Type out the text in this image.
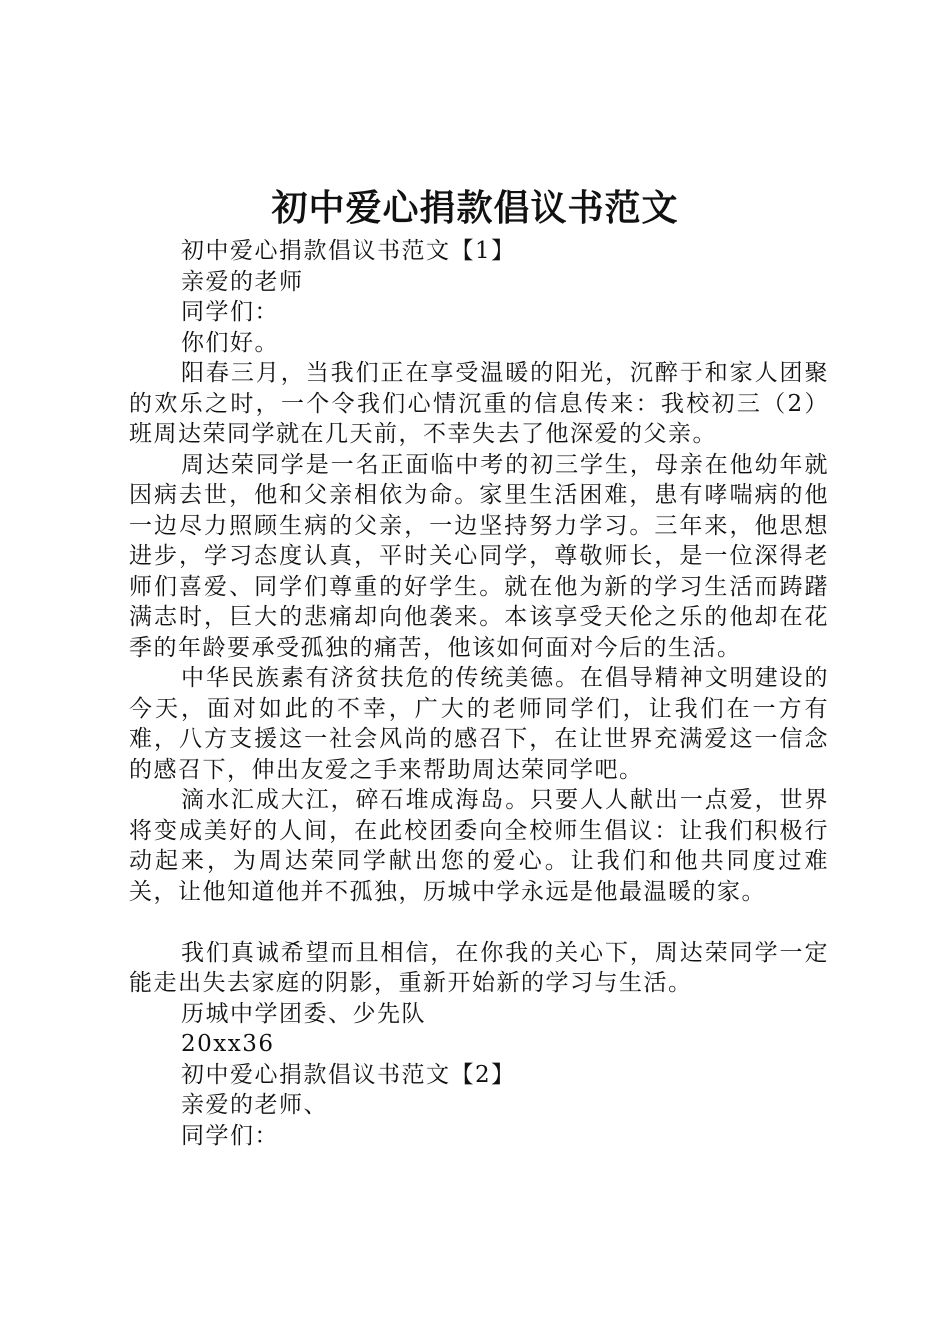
初中爱心捐款倡议书范文

初中爱心捐款倡议书范文【1】

亲爱的老师

同学们：

你们好。

阳春三月，当我们正在享受温暖的阳光，沉醉于和家人团聚的欢乐之时，一个令我们心情沉重的信息传来：我校初三（2）班周达荣同学就在几天前，不幸失去了他深爱的父亲。

周达荣同学是一名正面临中考的初三学生，母亲在他幼年就因病去世，他和父亲相依为命。家里生活困难，患有哮喘病的他一边尽力照顾生病的父亲，一边坚持努力学习。三年来，他思想进步，学习态度认真，平时关心同学，尊敬师长，是一位深得老师们喜爱、同学们尊重的好学生。就在他为新的学习生活而踌躇满志时，巨大的悲痛却向他袭来。本该享受天伦之乐的他却在花季的年龄要承受孤独的痛苦，他该如何面对今后的生活。

中华民族素有济贫扶危的传统美德。在倡导精神文明建设的今天，面对如此的不幸，广大的老师同学们，让我们在一方有难，八方支援这一社会风尚的感召下，在让世界充满爱这一信念的感召下，伸出友爱之手来帮助周达荣同学吧。

滴水汇成大江，碎石堆成海岛。只要人人献出一点爱，世界将变成美好的人间，在此校团委向全校师生倡议：让我们积极行动起来，为周达荣同学献出您的爱心。让我们和他共同度过难关，让他知道他并不孤独，历城中学永远是他最温暖的家。

我们真诚希望而且相信，在你我的关心下，周达荣同学一定能走出失去家庭的阴影，重新开始新的学习与生活。

历城中学团委、少先队

20xx36

初中爱心捐款倡议书范文【2】

亲爱的老师、

同学们：
